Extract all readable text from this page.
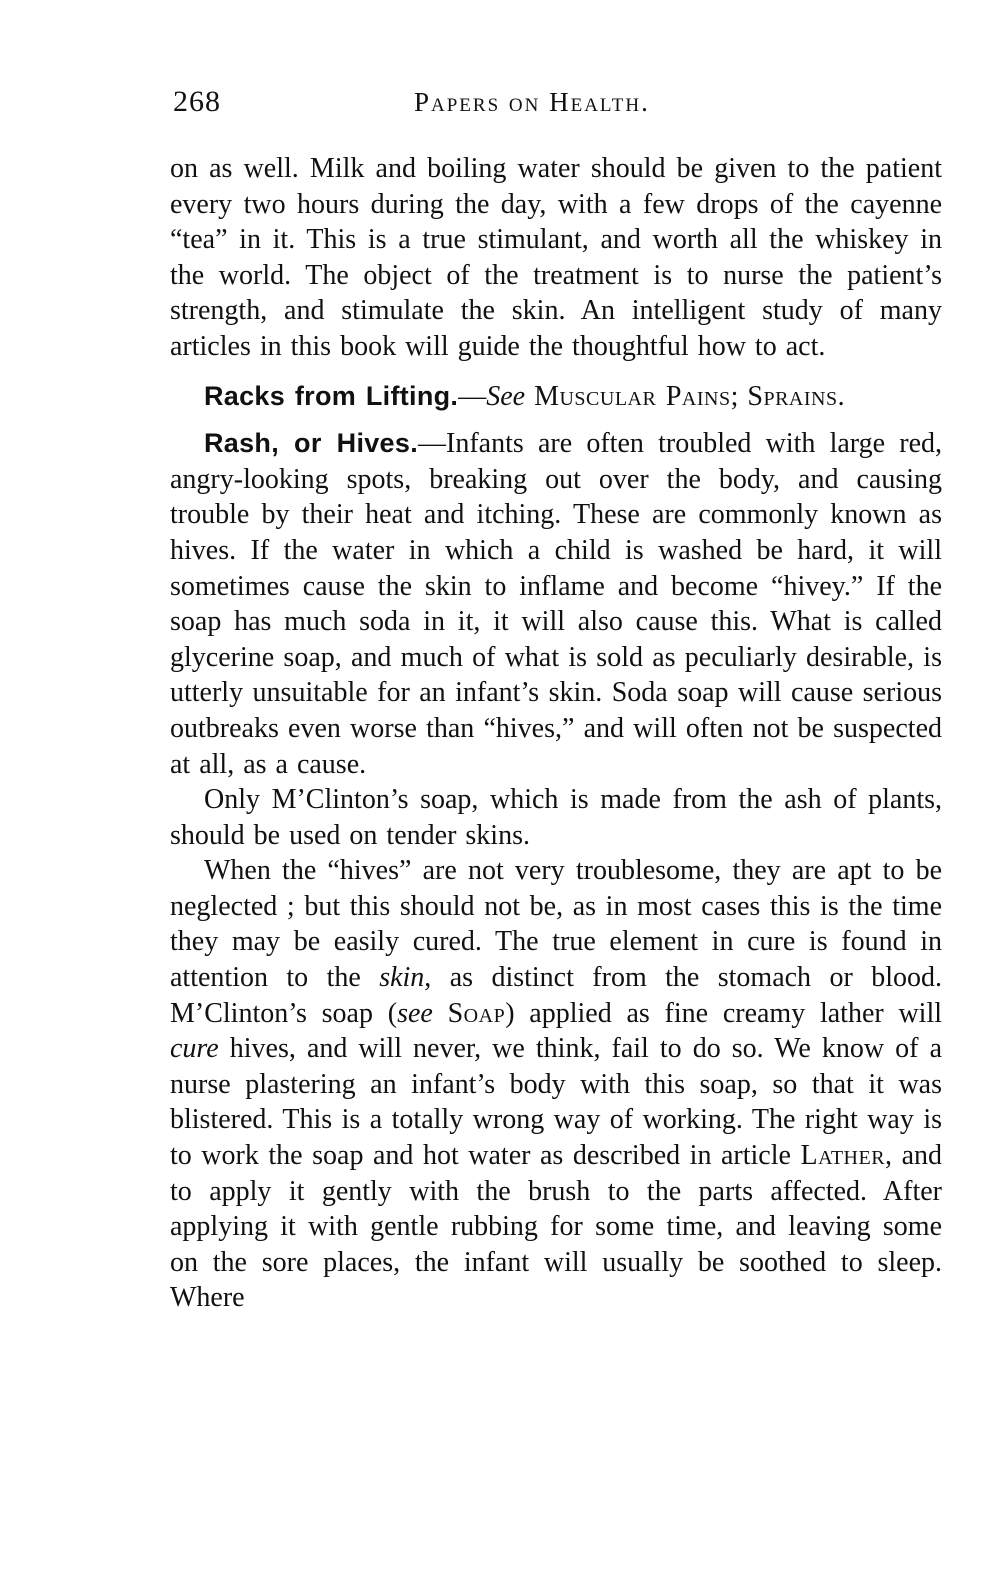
268	Papers on Health.

on as well. Milk and boiling water should be given to the patient every two hours during the day, with a few drops of the cayenne “tea” in it. This is a true stimulant, and worth all the whiskey in the world. The object of the treatment is to nurse the patient’s strength, and stimulate the skin. An intelligent study of many articles in this book will guide the thoughtful how to act.

Racks from Lifting.—See Muscular Pains; Sprains.

Rash, or Hives.—Infants are often troubled with large red, angry-looking spots, breaking out over the body, and causing trouble by their heat and itching. These are commonly known as hives. If the water in which a child is washed be hard, it will sometimes cause the skin to inflame and become “hivey.” If the soap has much soda in it, it will also cause this. What is called glycerine soap, and much of what is sold as peculiarly desirable, is utterly unsuitable for an infant’s skin. Soda soap will cause serious outbreaks even worse than “hives,” and will often not be suspected at all, as a cause.

Only M’Clinton’s soap, which is made from the ash of plants, should be used on tender skins.

When the “hives” are not very troublesome, they are apt to be neglected ; but this should not be, as in most cases this is the time they may be easily cured. The true element in cure is found in attention to the skin, as distinct from the stomach or blood. M’Clinton’s soap (see Soap) applied as fine creamy lather will cure hives, and will never, we think, fail to do so. We know of a nurse plastering an infant’s body with this soap, so that it was blistered. This is a totally wrong way of working. The right way is to work the soap and hot water as described in article Lather, and to apply it gently with the brush to the parts affected. After applying it with gentle rubbing for some time, and leaving some on the sore places, the infant will usually be soothed to sleep. Where
